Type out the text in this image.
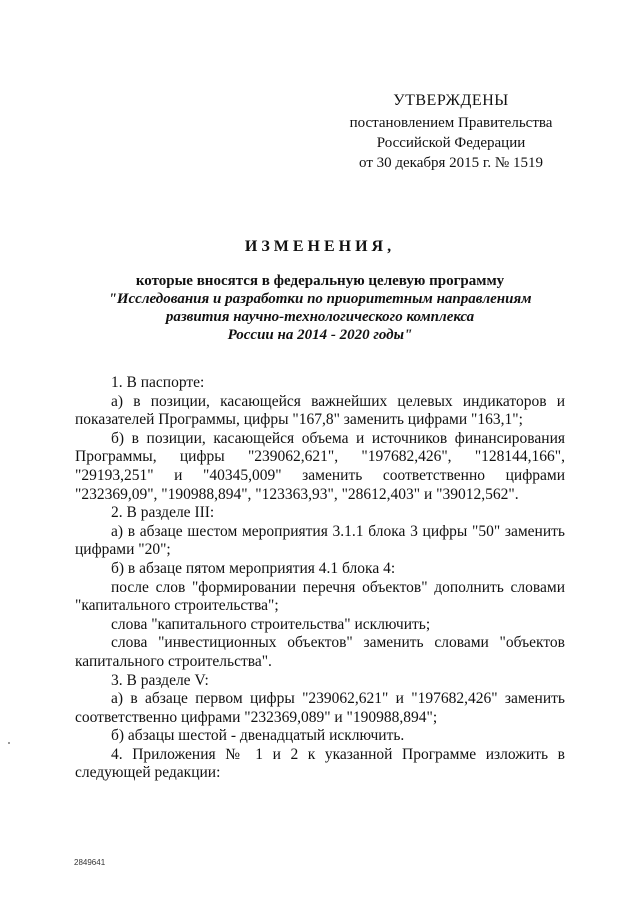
УТВЕРЖДЕНЫ
постановлением Правительства
Российской Федерации
от 30 декабря 2015 г. № 1519
ИЗМЕНЕНИЯ,
которые вносятся в федеральную целевую программу
"Исследования и разработки по приоритетным направлениям
развития научно-технологического комплекса
России на 2014 - 2020 годы"

1. В паспорте:

а) в позиции, касающейся важнейших целевых индикаторов и показателей Программы, цифры "167,8" заменить цифрами "163,1";

б) в позиции, касающейся объема и источников финансирования Программы, цифры "239062,621", "197682,426", "128144,166", "29193,251" и "40345,009" заменить соответственно цифрами "232369,09", "190988,894", "123363,93", "28612,403" и "39012,562".

2. В разделе III:

а) в абзаце шестом мероприятия 3.1.1 блока 3 цифры "50" заменить цифрами "20";

б) в абзаце пятом мероприятия 4.1 блока 4:

после слов "формировании перечня объектов" дополнить словами "капитального строительства";

слова "капитального строительства" исключить;

слова "инвестиционных объектов" заменить словами "объектов капитального строительства".

3. В разделе V:

а) в абзаце первом цифры "239062,621" и "197682,426" заменить соответственно цифрами "232369,089" и "190988,894";

б) абзацы шестой - двенадцатый исключить.

4. Приложения № 1 и 2 к указанной Программе изложить в следующей редакции:

2849641
